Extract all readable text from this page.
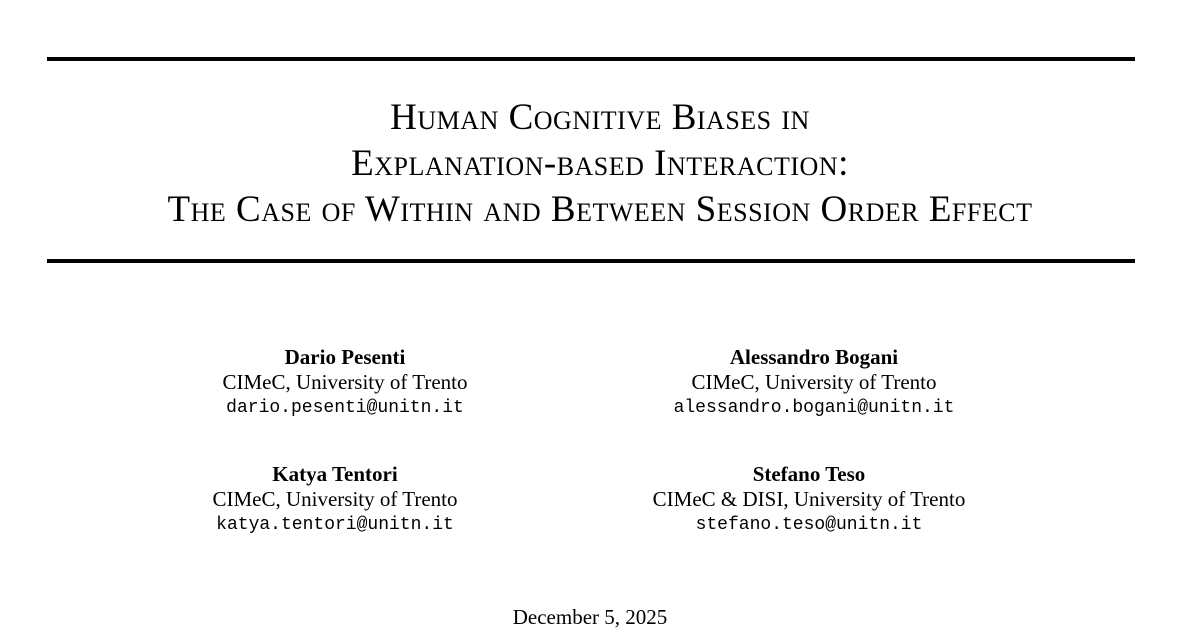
Human Cognitive Biases in
Explanation-based Interaction:
The Case of Within and Between Session Order Effect
Dario Pesenti
CIMeC, University of Trento
dario.pesenti@unitn.it
Alessandro Bogani
CIMeC, University of Trento
alessandro.bogani@unitn.it
Katya Tentori
CIMeC, University of Trento
katya.tentori@unitn.it
Stefano Teso
CIMeC & DISI, University of Trento
stefano.teso@unitn.it
December 5, 2025
